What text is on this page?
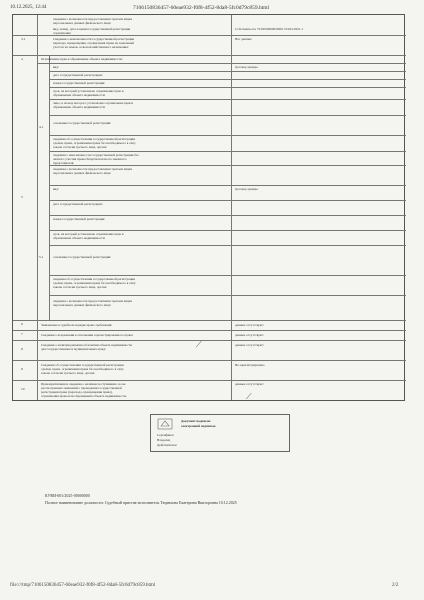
10.12.2025, 12:44	7106150836457-60eae932-f0f8-4f52-8da8-5fc0d79c859.html
3.1
4
5
4.1
5.1
6
7
8
9
10
сведения о возможности предоставления третьим лицам
персональных данных физического лица:
вид, номер, дата и время государственной регистрации
ограничения
Сведения о невозможности государственной регистрации
перехода, прекращения, ограничения права на земельный
участок из земель сельскохозяйственного назначения:
Ограничение прав и обременение объекта недвижимости:
вид:
дата государственной регистрации:
номер государственной регистрации:
срок, на который установлено ограничение прав и
обременение объекта недвижимости:
лицо, в пользу которого установлено ограничение прав и
обременение объекта недвижимости:
основание государственной регистрации:
сведения об осуществлении государственной регистрации
сделки, права, ограничения права без необходимого в силу
закона согласия третьего лица, органа:
сведения о невозможности государственной регистрации без
личного участия правообладателя или его законного
представителя:
сведения о возможности предоставления третьим лицам
персональных данных физического лица:
вид:
дата государственной регистрации:
номер государственной регистрации:
срок, на который установлено ограничение прав и
обременение объекта недвижимости:
основание государственной регистрации:
сведения об осуществлении государственной регистрации
сделки, права, ограничения права без необходимого в силу
закона согласия третьего лица, органа:
сведения о возможности предоставления третьим лицам
персональных данных физического лица:
Заявленные в судебном порядке права требования:
Сведения о возражении в отношении зарегистрированного права:
Сведения о наличии решения об изъятии объекта недвижимости
для государственных и муниципальных нужд:
Сведения об осуществлении государственной регистрации
сделки, права, ограничения права без необходимого в силу
закона согласия третьего лица, органа:
Правопритязания и сведения о наличии поступивших, но не
рассмотренных заявлений о проведении государственной
регистрации права (перехода, прекращения права),
ограничения права или обременения объекта недвижимости,
Собственность 72:00:000000:0000-72/041/2021-1
Нет данных
Договор аренды
Договор аренды
данные отсутствуют
данные отсутствуют
данные отсутствуют
Не зарегистрировано
данные отсутствуют
⟋
⟋
Документ подписан
электронной подписью
Сертификат
Владелец
Действителен
КУВИ-001/2025-00000000
Полное наименование должности: Судебный пристав-исполнитель Тюрешова Екатерина Викторовна 10.12.2025
file:///tmp/7106150836457-60eae932-f0f8-4f52-8da8-5fc0d79c859.html	2/2
